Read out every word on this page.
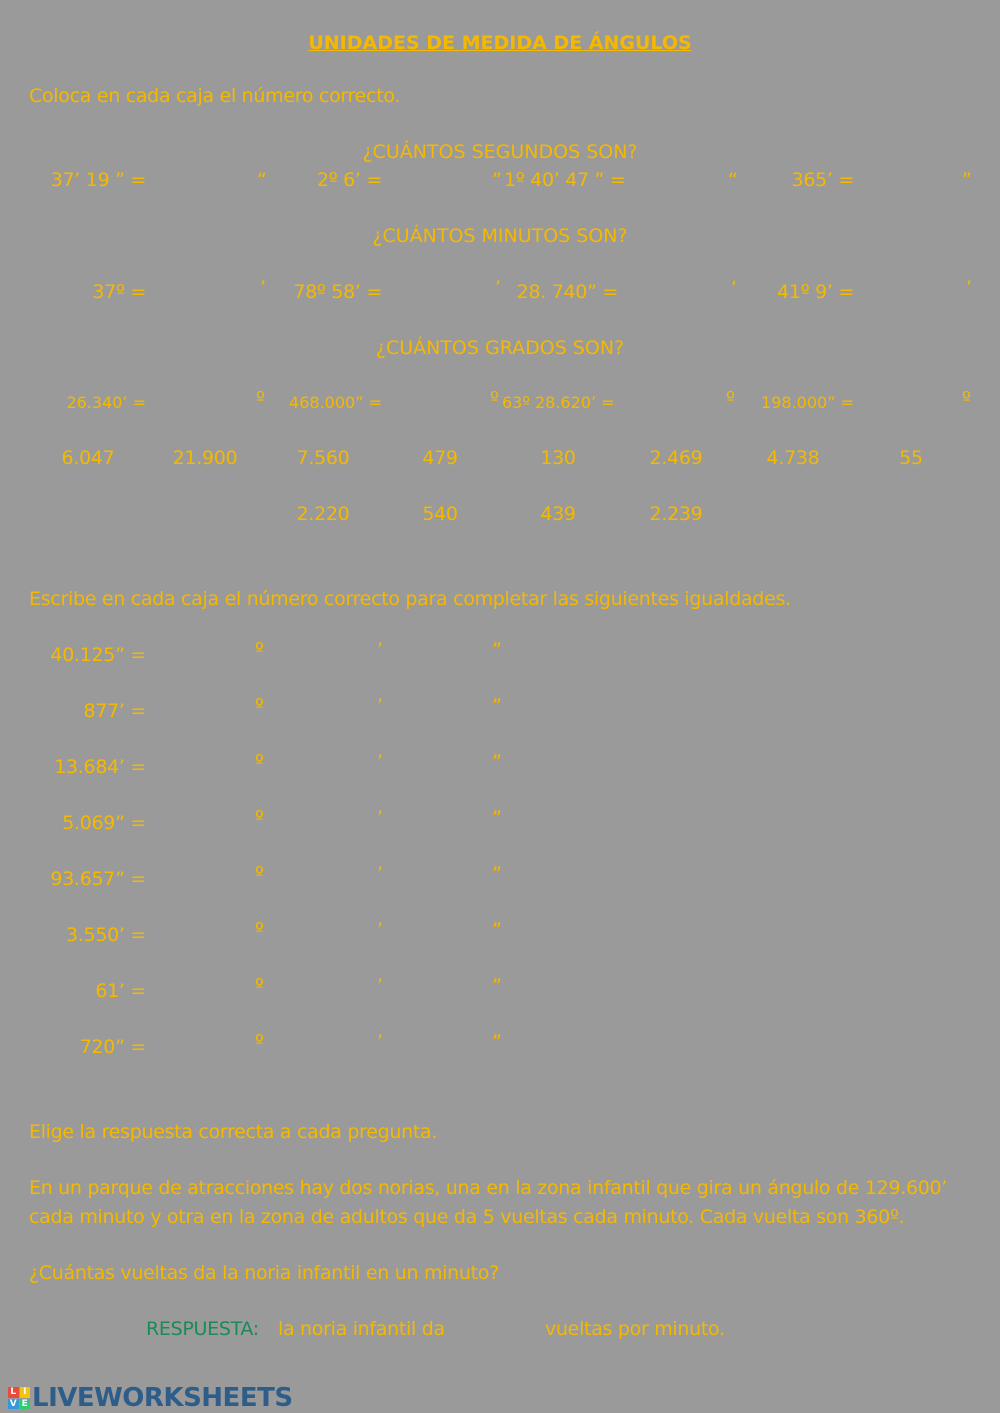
UNIDADES DE MEDIDA DE ÁNGULOS
Coloca en cada caja el número correcto.
¿CUÁNTOS SEGUNDOS SON?
37’ 19 ” =	“	2º 6’ =	” 1º 40’ 47 ” =	“	365’ =	”
¿CUÁNTOS MINUTOS SON?
37º =	’	78º 58’ =	’ 28. 740” =	‘	41º 9’ =	’
¿CUÁNTOS GRADOS SON?
26.340’ =	º	468.000” =	º 63º 28.620’ =	º	198.000” =	º
6.047	21.900	7.560	479	130	2.469	4.738	55
2.220	540	439	2.239
Escribe en cada caja el número correcto para completar las siguientes igualdades.
40.125” =	º	’	”
877’ =	º	’	”
13.684’ =	º	’	”
5.069” =	º	’	”
93.657” =	º	’	”
3.550’ =	º	’	”
61’ =	º	’	”
720” =	º	’	”
Elige la respuesta correcta a cada pregunta.
En un parque de atracciones hay dos norias, una en la zona infantil que gira un ángulo de 129.600’
cada minuto y otra en la zona de adultos que da 5 vueltas cada minuto. Cada vuelta son 360º.
¿Cuántas vueltas da la noria infantil en un minuto?
RESPUESTA: la noria infantil da	vueltas por minuto.
L I
V E LIVEWORKSHEETS
